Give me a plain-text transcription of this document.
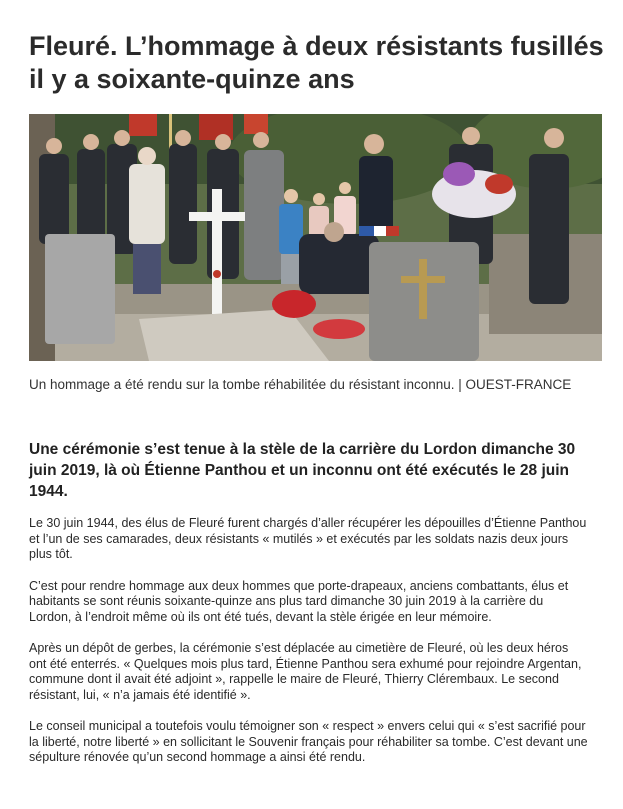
Fleuré. L’hommage à deux résistants fusillés il y a soixante-quinze ans

Un hommage a été rendu sur la tombe réhabilitée du résistant inconnu. | OUEST-FRANCE

Une cérémonie s’est tenue à la stèle de la carrière du Lordon dimanche 30 juin 2019, là où Étienne Panthou et un inconnu ont été exécutés le 28 juin 1944.

Le 30 juin 1944, des élus de Fleuré furent chargés d’aller récupérer les dépouilles d’Étienne Panthou et l’un de ses camarades, deux résistants « mutilés » et exécutés par les soldats nazis deux jours plus tôt.

C’est pour rendre hommage aux deux hommes que porte-drapeaux, anciens combattants, élus et habitants se sont réunis soixante-quinze ans plus tard dimanche 30 juin 2019 à la carrière du Lordon, à l’endroit même où ils ont été tués, devant la stèle érigée en leur mémoire.

Après un dépôt de gerbes, la cérémonie s’est déplacée au cimetière de Fleuré, où les deux héros ont été enterrés. « Quelques mois plus tard, Étienne Panthou sera exhumé pour rejoindre Argentan, commune dont il avait été adjoint », rappelle le maire de Fleuré, Thierry Clérembaux. Le second résistant, lui, « n’a jamais été identifié ».

Le conseil municipal a toutefois voulu témoigner son « respect » envers celui qui « s’est sacrifié pour la liberté, notre liberté » en sollicitant le Souvenir français pour réhabiliter sa tombe. C’est devant une sépulture rénovée qu’un second hommage a ainsi été rendu.
